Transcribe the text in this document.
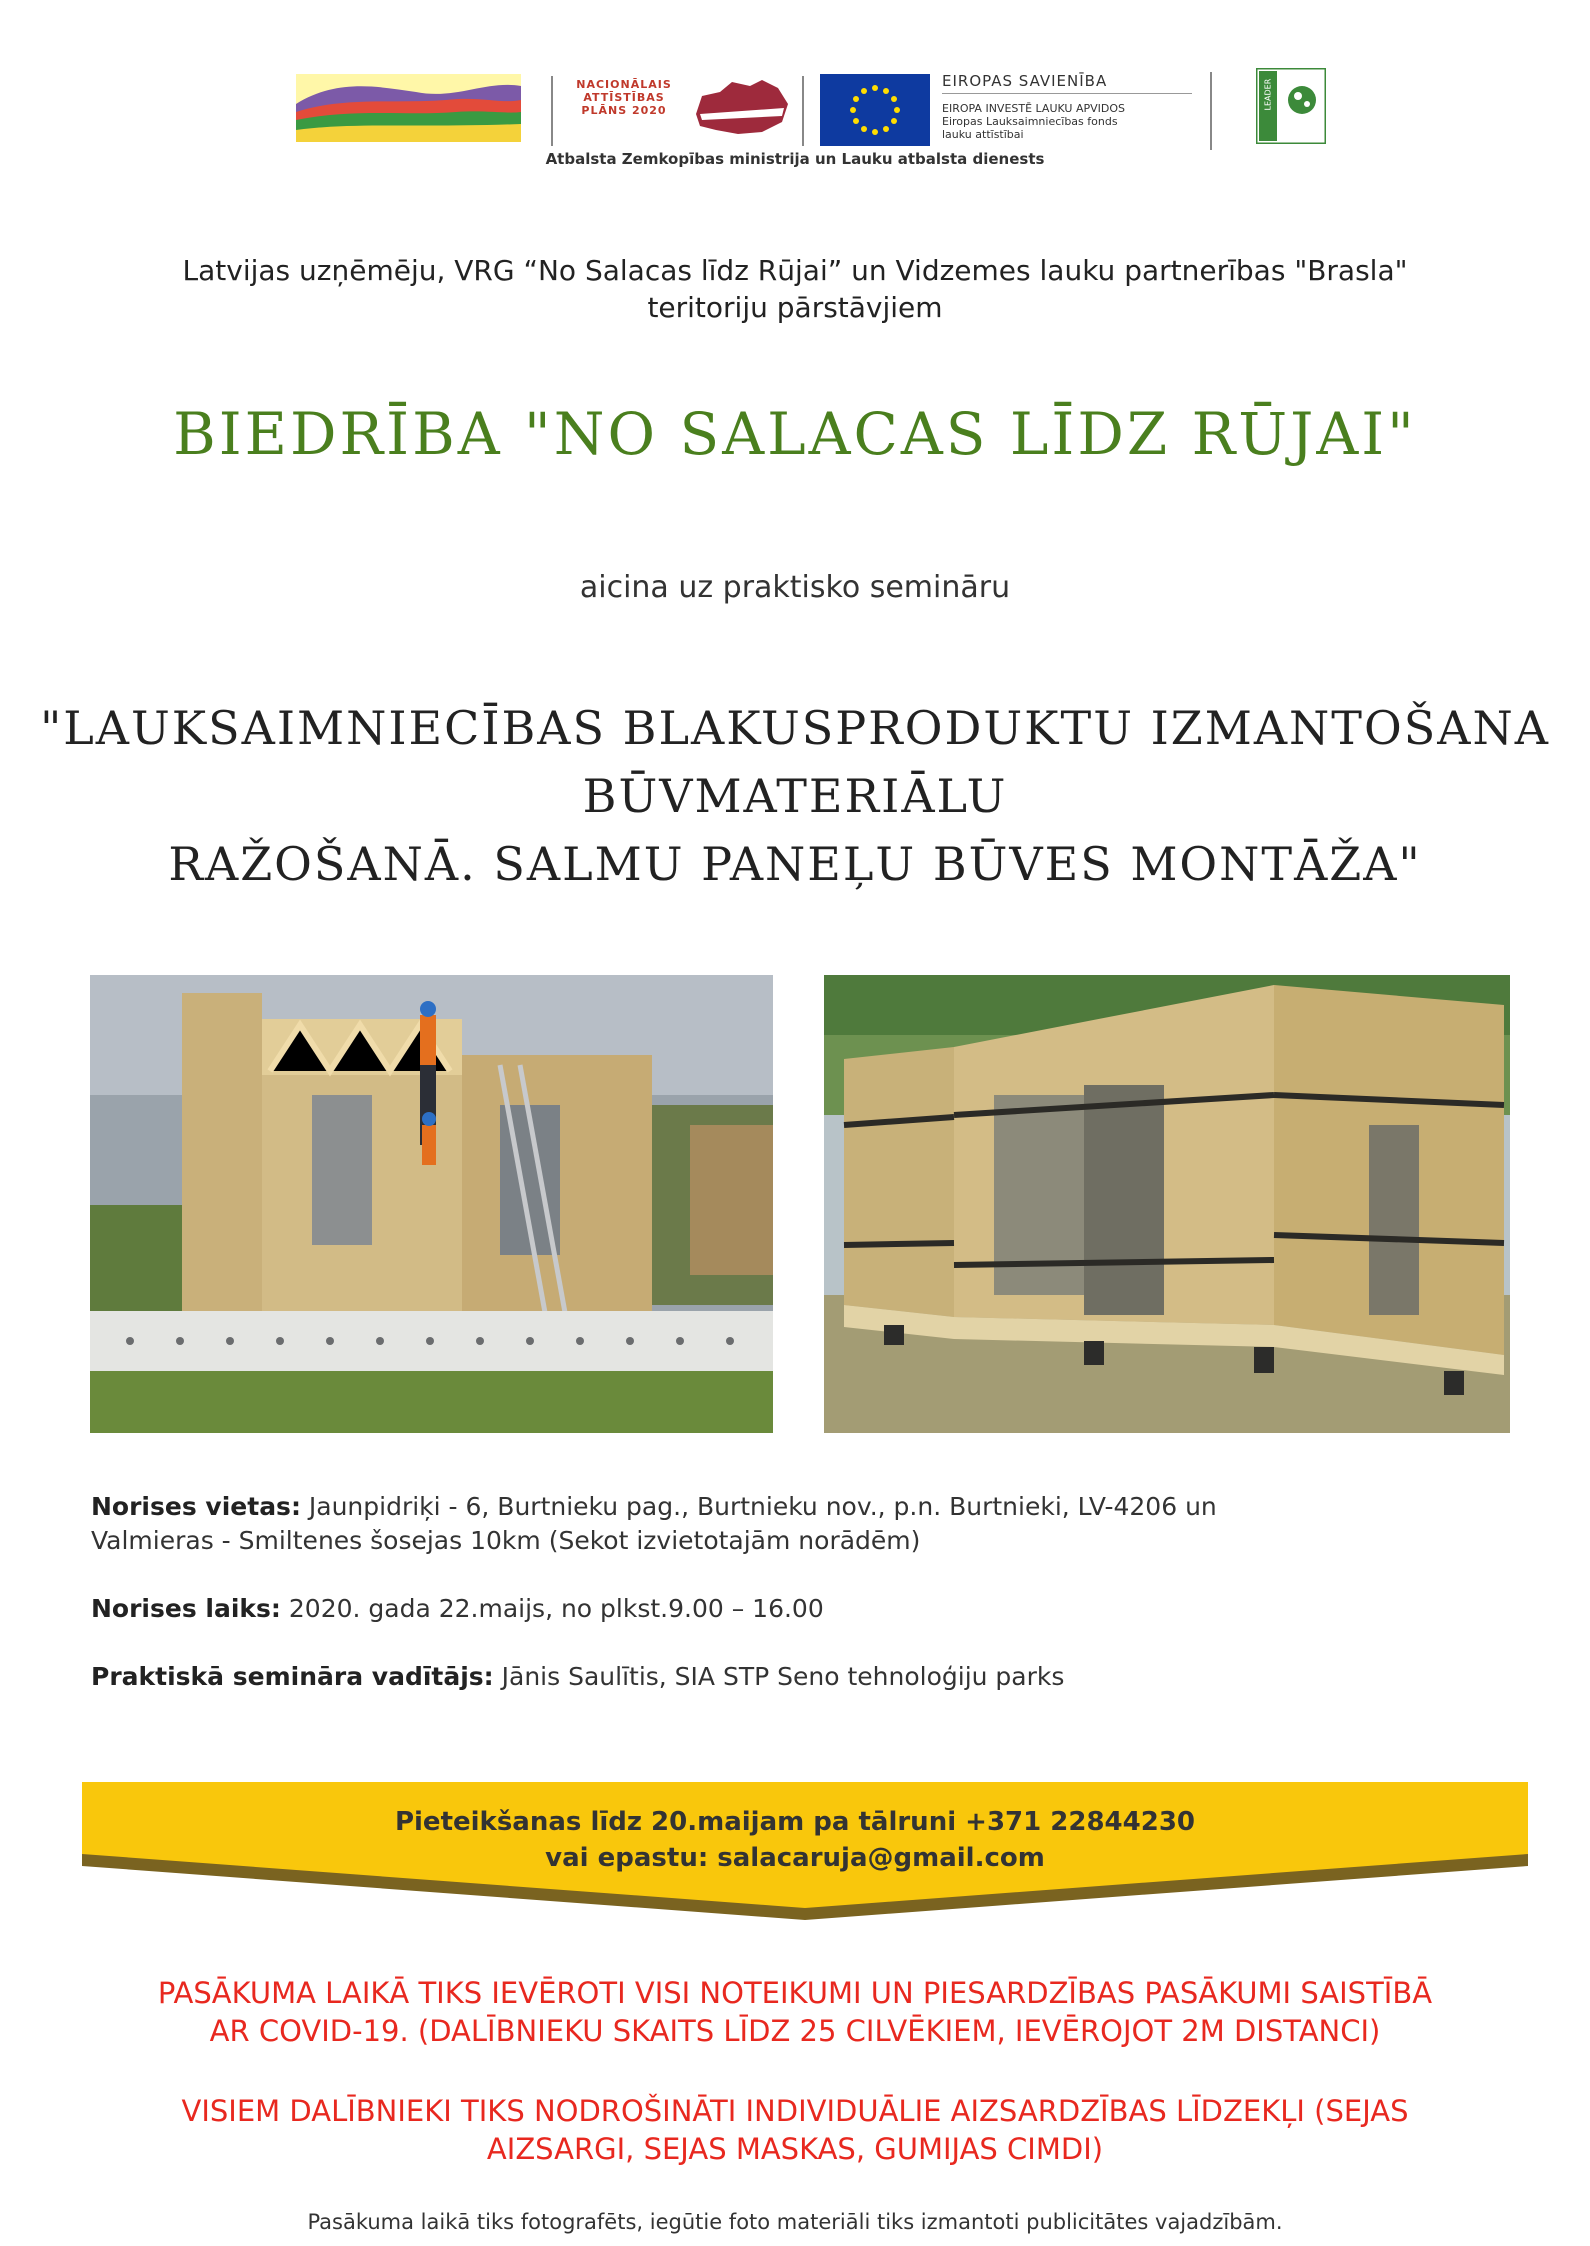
NACIONĀLAIS
ATTĪSTĪBAS
PLĀNS 2020
EIROPAS SAVIENĪBA
EIROPA INVESTĒ LAUKU APVIDOS
Eiropas Lauksaimniecības fonds
lauku attīstībai
LEADER
Atbalsta Zemkopības ministrija un Lauku atbalsta dienests
Latvijas uzņēmēju, VRG “No Salacas līdz Rūjai” un Vidzemes lauku partnerības "Brasla"
teritoriju pārstāvjiem
BIEDRĪBA "NO SALACAS LĪDZ RŪJAI"
aicina uz praktisko semināru
"LAUKSAIMNIECĪBAS BLAKUSPRODUKTU IZMANTOŠANA BŪVMATERIĀLU
RAŽOŠANĀ. SALMU PANEĻU BŪVES MONTĀŽA"
Norises vietas: Jaunpidriķi - 6, Burtnieku pag., Burtnieku nov., p.n. Burtnieki, LV-4206 un
Valmieras - Smiltenes šosejas 10km (Sekot izvietotajām norādēm)
Norises laiks: 2020. gada 22.maijs, no plkst.9.00 – 16.00
Praktiskā semināra vadītājs: Jānis Saulītis, SIA STP Seno tehnoloģiju parks
Pieteikšanas līdz 20.maijam pa tālruni +371 22844230
vai epastu: salacaruja@gmail.com
PASĀKUMA LAIKĀ TIKS IEVĒROTI VISI NOTEIKUMI UN PIESARDZĪBAS PASĀKUMI SAISTĪBĀ
AR COVID-19. (DALĪBNIEKU SKAITS LĪDZ 25 CILVĒKIEM, IEVĒROJOT 2M DISTANCI)
VISIEM DALĪBNIEKI TIKS NODROŠINĀTI INDIVIDUĀLIE AIZSARDZĪBAS LĪDZEKĻI (SEJAS
AIZSARGI, SEJAS MASKAS, GUMIJAS CIMDI)
Pasākuma laikā tiks fotografēts, iegūtie foto materiāli tiks izmantoti publicitātes vajadzībām.
